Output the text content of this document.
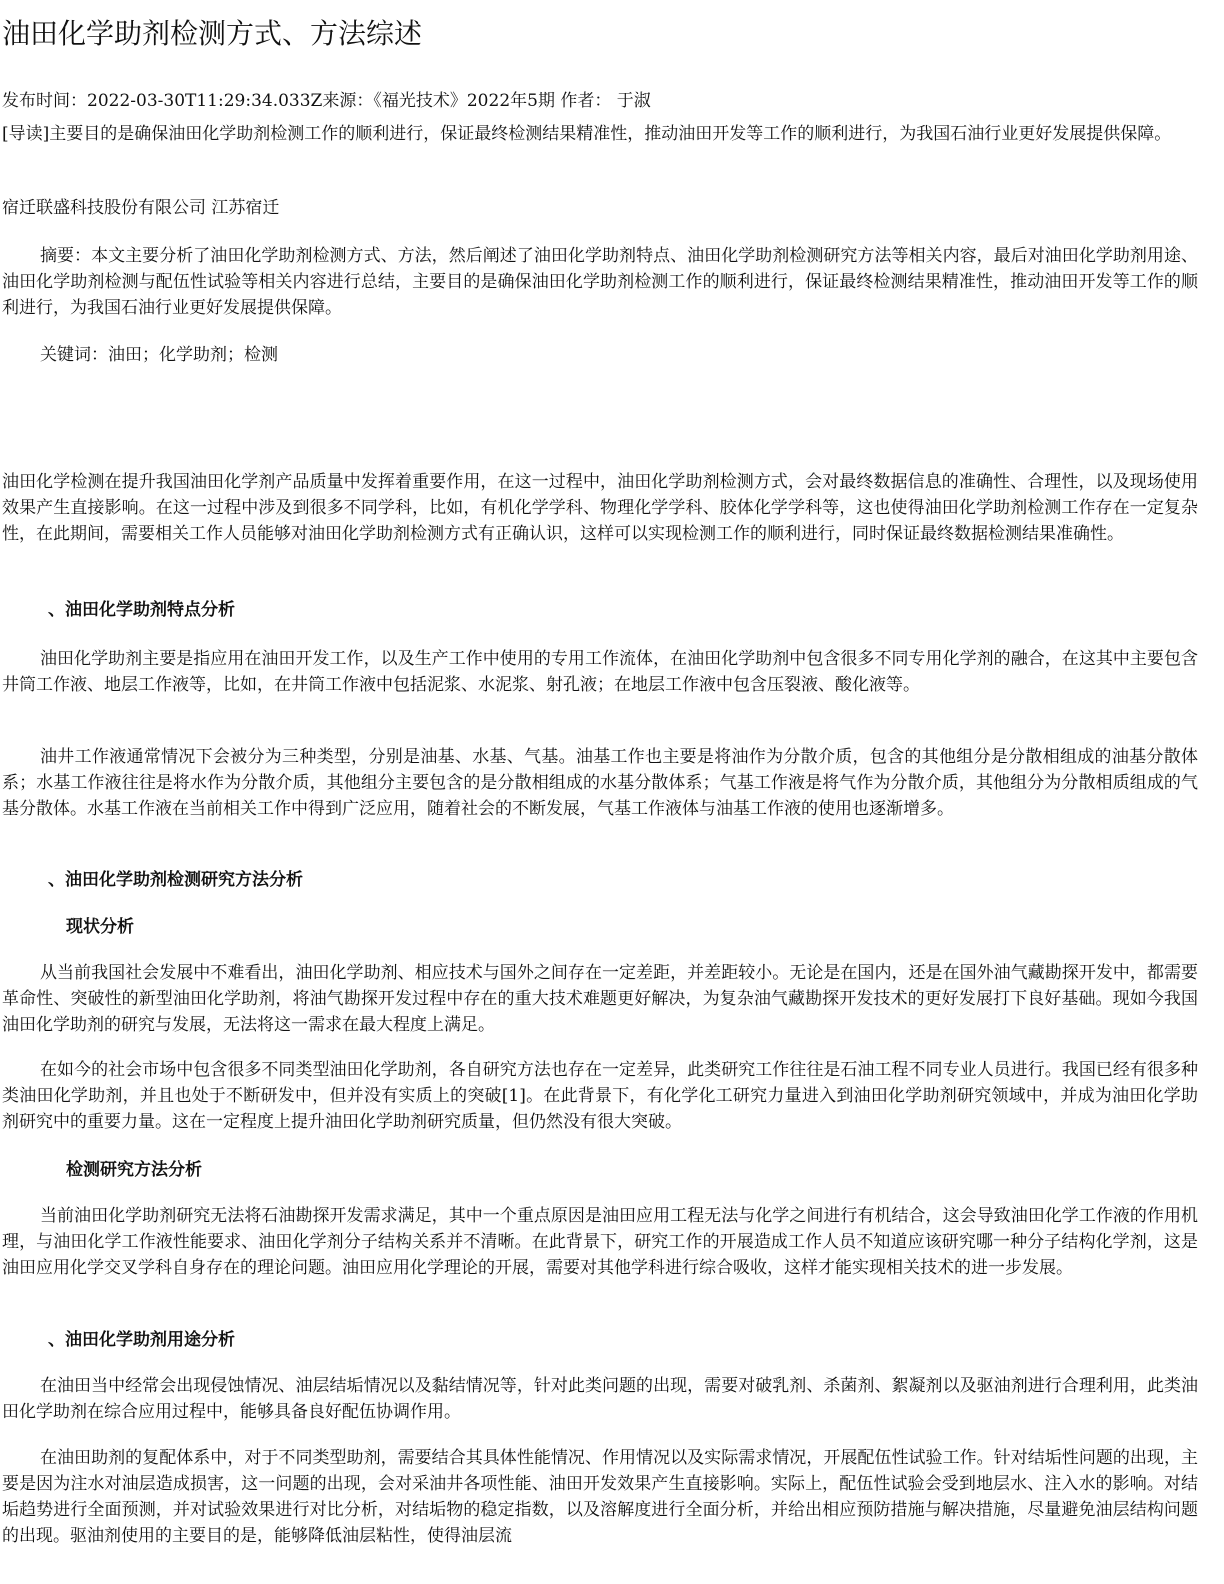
油田化学助剂检测方式、方法综述

发布时间：2022-03-30T11:29:34.033Z来源：《福光技术》2022年5期 作者： 于淑

[导读]主要目的是确保油田化学助剂检测工作的顺利进行，保证最终检测结果精准性，推动油田开发等工作的顺利进行，为我国石油行业更好发展提供保障。

宿迁联盛科技股份有限公司 江苏宿迁

摘要：本文主要分析了油田化学助剂检测方式、方法，然后阐述了油田化学助剂特点、油田化学助剂检测研究方法等相关内容，最后对油田化学助剂用途、油田化学助剂检测与配伍性试验等相关内容进行总结，主要目的是确保油田化学助剂检测工作的顺利进行，保证最终检测结果精准性，推动油田开发等工作的顺利进行，为我国石油行业更好发展提供保障。

关键词：油田；化学助剂；检测

油田化学检测在提升我国油田化学剂产品质量中发挥着重要作用，在这一过程中，油田化学助剂检测方式，会对最终数据信息的准确性、合理性，以及现场使用效果产生直接影响。在这一过程中涉及到很多不同学科，比如，有机化学学科、物理化学学科、胶体化学学科等，这也使得油田化学助剂检测工作存在一定复杂性，在此期间，需要相关工作人员能够对油田化学助剂检测方式有正确认识，这样可以实现检测工作的顺利进行，同时保证最终数据检测结果准确性。

、油田化学助剂特点分析

油田化学助剂主要是指应用在油田开发工作，以及生产工作中使用的专用工作流体，在油田化学助剂中包含很多不同专用化学剂的融合，在这其中主要包含井筒工作液、地层工作液等，比如，在井筒工作液中包括泥浆、水泥浆、射孔液；在地层工作液中包含压裂液、酸化液等。

油井工作液通常情况下会被分为三种类型，分别是油基、水基、气基。油基工作也主要是将油作为分散介质，包含的其他组分是分散相组成的油基分散体系；水基工作液往往是将水作为分散介质，其他组分主要包含的是分散相组成的水基分散体系；气基工作液是将气作为分散介质，其他组分为分散相质组成的气基分散体。水基工作液在当前相关工作中得到广泛应用，随着社会的不断发展，气基工作液体与油基工作液的使用也逐渐增多。

、油田化学助剂检测研究方法分析
现状分析

从当前我国社会发展中不难看出，油田化学助剂、相应技术与国外之间存在一定差距，并差距较小。无论是在国内，还是在国外油气藏勘探开发中，都需要革命性、突破性的新型油田化学助剂，将油气勘探开发过程中存在的重大技术难题更好解决，为复杂油气藏勘探开发技术的更好发展打下良好基础。现如今我国油田化学助剂的研究与发展，无法将这一需求在最大程度上满足。

在如今的社会市场中包含很多不同类型油田化学助剂，各自研究方法也存在一定差异，此类研究工作往往是石油工程不同专业人员进行。我国已经有很多种类油田化学助剂，并且也处于不断研发中，但并没有实质上的突破[1]。在此背景下，有化学化工研究力量进入到油田化学助剂研究领域中，并成为油田化学助剂研究中的重要力量。这在一定程度上提升油田化学助剂研究质量，但仍然没有很大突破。

检测研究方法分析

当前油田化学助剂研究无法将石油勘探开发需求满足，其中一个重点原因是油田应用工程无法与化学之间进行有机结合，这会导致油田化学工作液的作用机理，与油田化学工作液性能要求、油田化学剂分子结构关系并不清晰。在此背景下，研究工作的开展造成工作人员不知道应该研究哪一种分子结构化学剂，这是油田应用化学交叉学科自身存在的理论问题。油田应用化学理论的开展，需要对其他学科进行综合吸收，这样才能实现相关技术的进一步发展。

、油田化学助剂用途分析

在油田当中经常会出现侵蚀情况、油层结垢情况以及黏结情况等，针对此类问题的出现，需要对破乳剂、杀菌剂、絮凝剂以及驱油剂进行合理利用，此类油田化学助剂在综合应用过程中，能够具备良好配伍协调作用。

在油田助剂的复配体系中，对于不同类型助剂，需要结合其具体性能情况、作用情况以及实际需求情况，开展配伍性试验工作。针对结垢性问题的出现，主要是因为注水对油层造成损害，这一问题的出现，会对采油井各项性能、油田开发效果产生直接影响。实际上，配伍性试验会受到地层水、注入水的影响。对结垢趋势进行全面预测，并对试验效果进行对比分析，对结垢物的稳定指数，以及溶解度进行全面分析，并给出相应预防措施与解决措施，尽量避免油层结构问题的出现。驱油剂使用的主要目的是，能够降低油层粘性，使得油层流
